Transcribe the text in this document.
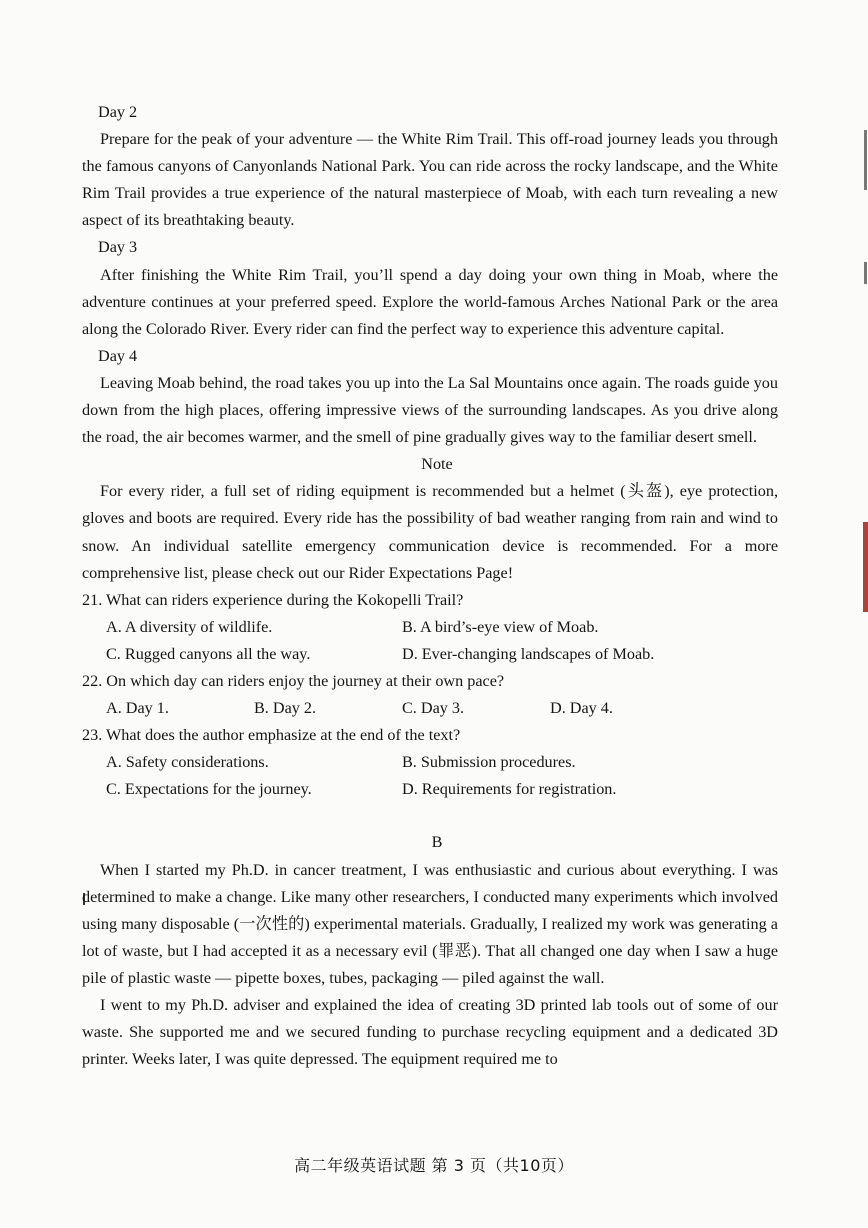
Day 2

Prepare for the peak of your adventure — the White Rim Trail. This off-road journey leads you through the famous canyons of Canyonlands National Park. You can ride across the rocky landscape, and the White Rim Trail provides a true experience of the natural masterpiece of Moab, with each turn revealing a new aspect of its breathtaking beauty.

Day 3

After finishing the White Rim Trail, you’ll spend a day doing your own thing in Moab, where the adventure continues at your preferred speed. Explore the world-famous Arches National Park or the area along the Colorado River. Every rider can find the perfect way to experience this adventure capital.

Day 4

Leaving Moab behind, the road takes you up into the La Sal Mountains once again. The roads guide you down from the high places, offering impressive views of the surrounding landscapes. As you drive along the road, the air becomes warmer, and the smell of pine gradually gives way to the familiar desert smell.

Note

For every rider, a full set of riding equipment is recommended but a helmet (头盔), eye protection, gloves and boots are required. Every ride has the possibility of bad weather ranging from rain and wind to snow. An individual satellite emergency communication device is recommended. For a more comprehensive list, please check out our Rider Expectations Page!

21. What can riders experience during the Kokopelli Trail?

A. A diversity of wildlife.	B. A bird’s-eye view of Moab.
C. Rugged canyons all the way.	D. Ever-changing landscapes of Moab.

22. On which day can riders enjoy the journey at their own pace?

A. Day 1.	B. Day 2.	C. Day 3.	D. Day 4.

23. What does the author emphasize at the end of the text?

A. Safety considerations.	B. Submission procedures.
C. Expectations for the journey.	D. Requirements for registration.
B

When I started my Ph.D. in cancer treatment, I was enthusiastic and curious about everything. I was determined to make a change. Like many other researchers, I conducted many experiments which involved using many disposable (一次性的) experimental materials. Gradually, I realized my work was generating a lot of waste, but I had accepted it as a necessary evil (罪恶). That all changed one day when I saw a huge pile of plastic waste — pipette boxes, tubes, packaging — piled against the wall.

I went to my Ph.D. adviser and explained the idea of creating 3D printed lab tools out of some of our waste. She supported me and we secured funding to purchase recycling equipment and a dedicated 3D printer. Weeks later, I was quite depressed. The equipment required me to

高二年级英语试题 第 3 页（共10页）
